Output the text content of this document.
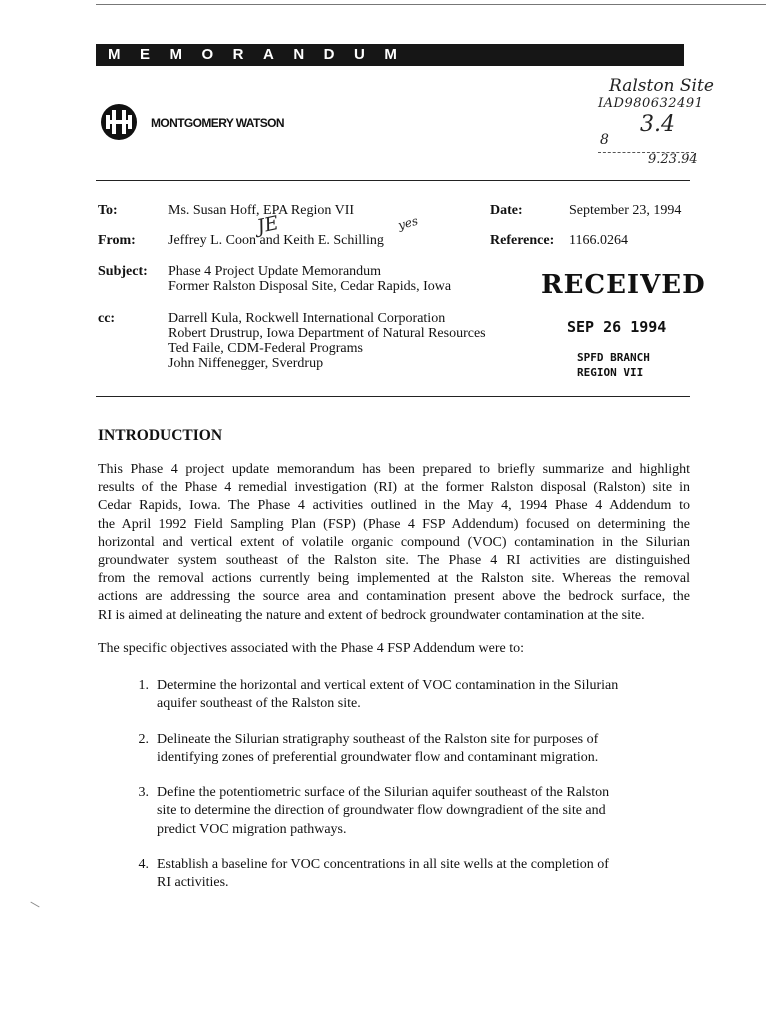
MEMORANDUM
MONTGOMERY WATSON
Ralston Site
IAD980632491
3.4
8
9.23.94
To:	Ms. Susan Hoff, EPA Region VII	Date:	September 23, 1994
From: Jeffrey L. Coon and Keith E. Schilling
JE	yes
Reference: 1166.0264
Subject: Phase 4 Project Update Memorandum
Former Ralston Disposal Site, Cedar Rapids, Iowa
cc:	Darrell Kula, Rockwell International Corporation
Robert Drustrup, Iowa Department of Natural Resources
Ted Faile, CDM-Federal Programs
John Niffenegger, Sverdrup
RECEIVED
SEP 26 1994
SPFD BRANCH
REGION VII
INTRODUCTION
This Phase 4 project update memorandum has been prepared to briefly summarize and highlight
results of the Phase 4 remedial investigation (RI) at the former Ralston disposal (Ralston) site in
Cedar Rapids, Iowa. The Phase 4 activities outlined in the May 4, 1994 Phase 4 Addendum to
the April 1992 Field Sampling Plan (FSP) (Phase 4 FSP Addendum) focused on determining the
horizontal and vertical extent of volatile organic compound (VOC) contamination in the Silurian
groundwater system southeast of the Ralston site. The Phase 4 RI activities are distinguished
from the removal actions currently being implemented at the Ralston site. Whereas the removal
actions are addressing the source area and contamination present above the bedrock surface, the
RI is aimed at delineating the nature and extent of bedrock groundwater contamination at the site.

The specific objectives associated with the Phase 4 FSP Addendum were to:

1. Determine the horizontal and vertical extent of VOC contamination in the Silurian
aquifer southeast of the Ralston site.
2. Delineate the Silurian stratigraphy southeast of the Ralston site for purposes of
identifying zones of preferential groundwater flow and contaminant migration.
3. Define the potentiometric surface of the Silurian aquifer southeast of the Ralston
site to determine the direction of groundwater flow downgradient of the site and
predict VOC migration pathways.
4. Establish a baseline for VOC concentrations in all site wells at the completion of
RI activities.
